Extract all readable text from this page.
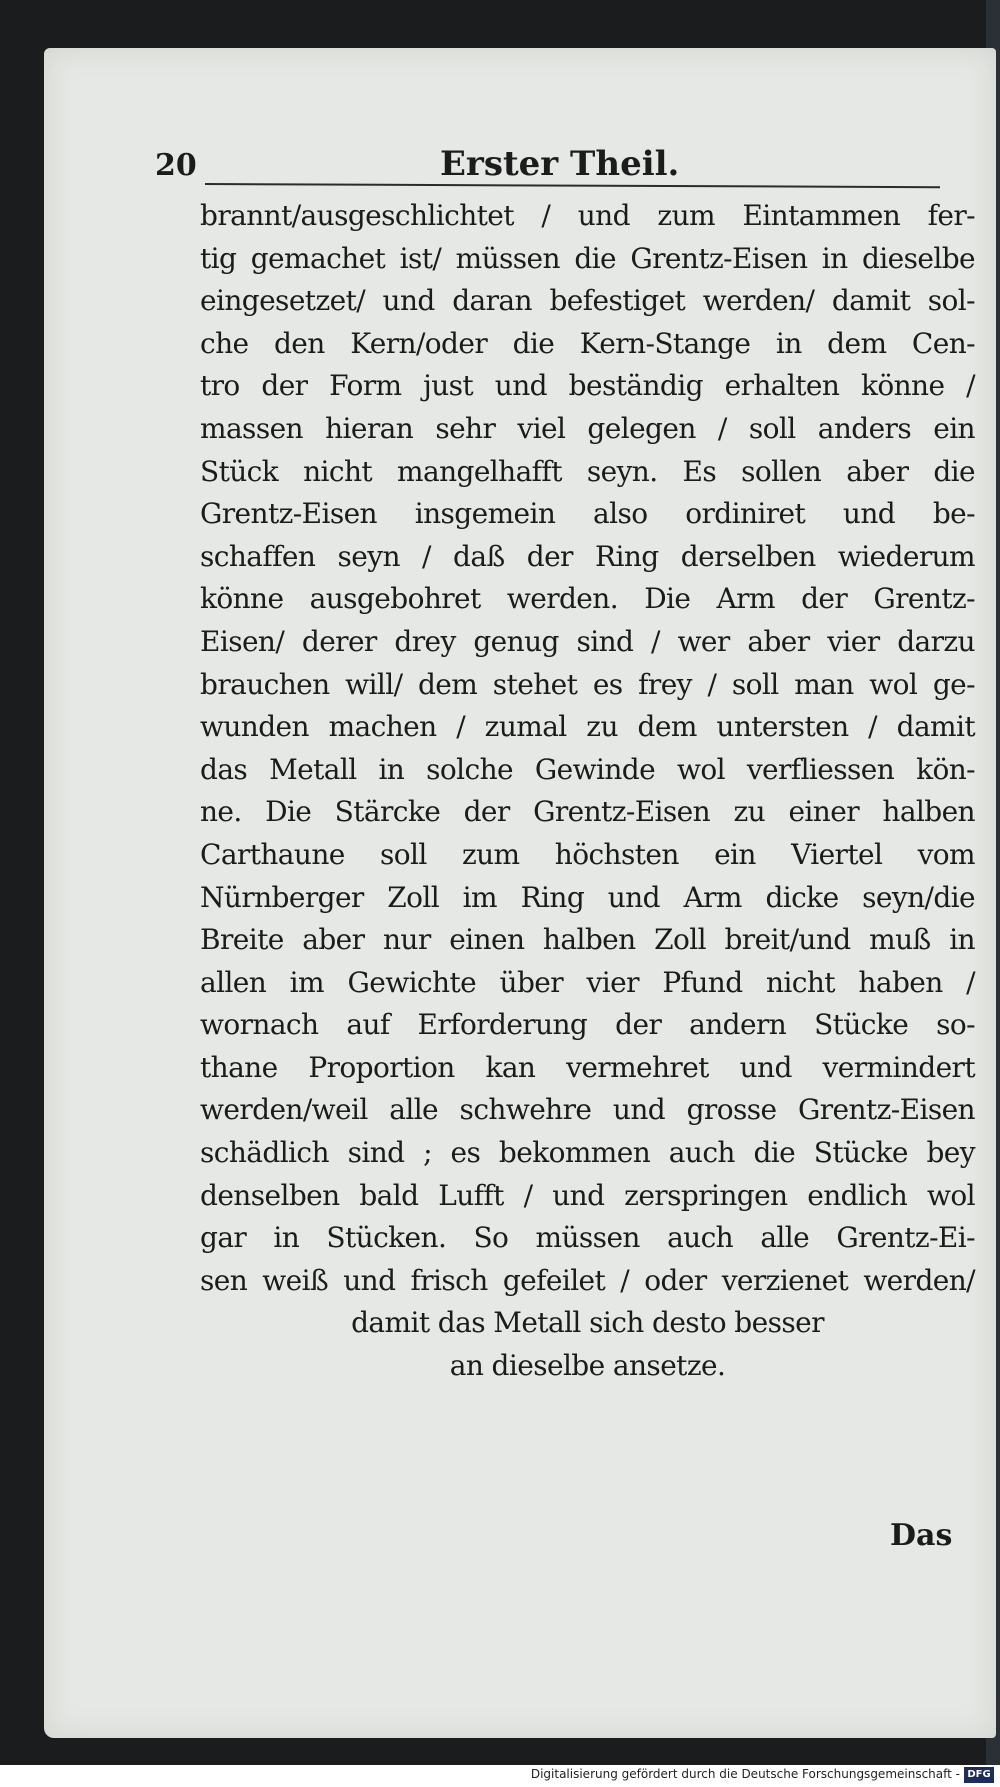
20	Erster Theil.
brannt/ausgeschlichtet / und zum Eintammen fer-
tig gemachet ist/ müssen die Grentz-Eisen in dieselbe
eingesetzet/ und daran befestiget werden/ damit sol-
che den Kern/oder die Kern-Stange in dem Cen-
tro der Form just und beständig erhalten könne /
massen hieran sehr viel gelegen / soll anders ein
Stück nicht mangelhafft seyn. Es sollen aber die
Grentz-Eisen insgemein also ordiniret und be-
schaffen seyn / daß der Ring derselben wiederum
könne ausgebohret werden. Die Arm der Grentz-
Eisen/ derer drey genug sind / wer aber vier darzu
brauchen will/ dem stehet es frey / soll man wol ge-
wunden machen / zumal zu dem untersten / damit
das Metall in solche Gewinde wol verfliessen kön-
ne. Die Stärcke der Grentz-Eisen zu einer halben
Carthaune soll zum höchsten ein Viertel vom
Nürnberger Zoll im Ring und Arm dicke seyn/die
Breite aber nur einen halben Zoll breit/und muß in
allen im Gewichte über vier Pfund nicht haben /
wornach auf Erforderung der andern Stücke so-
thane Proportion kan vermehret und vermindert
werden/weil alle schwehre und grosse Grentz-Eisen
schädlich sind ; es bekommen auch die Stücke bey
denselben bald Lufft / und zerspringen endlich wol
gar in Stücken. So müssen auch alle Grentz-Ei-
sen weiß und frisch gefeilet / oder verzienet werden/
damit das Metall sich desto besser
an dieselbe ansetze.
Das
Digitalisierung gefördert durch die Deutsche Forschungsgemeinschaft - DFG
